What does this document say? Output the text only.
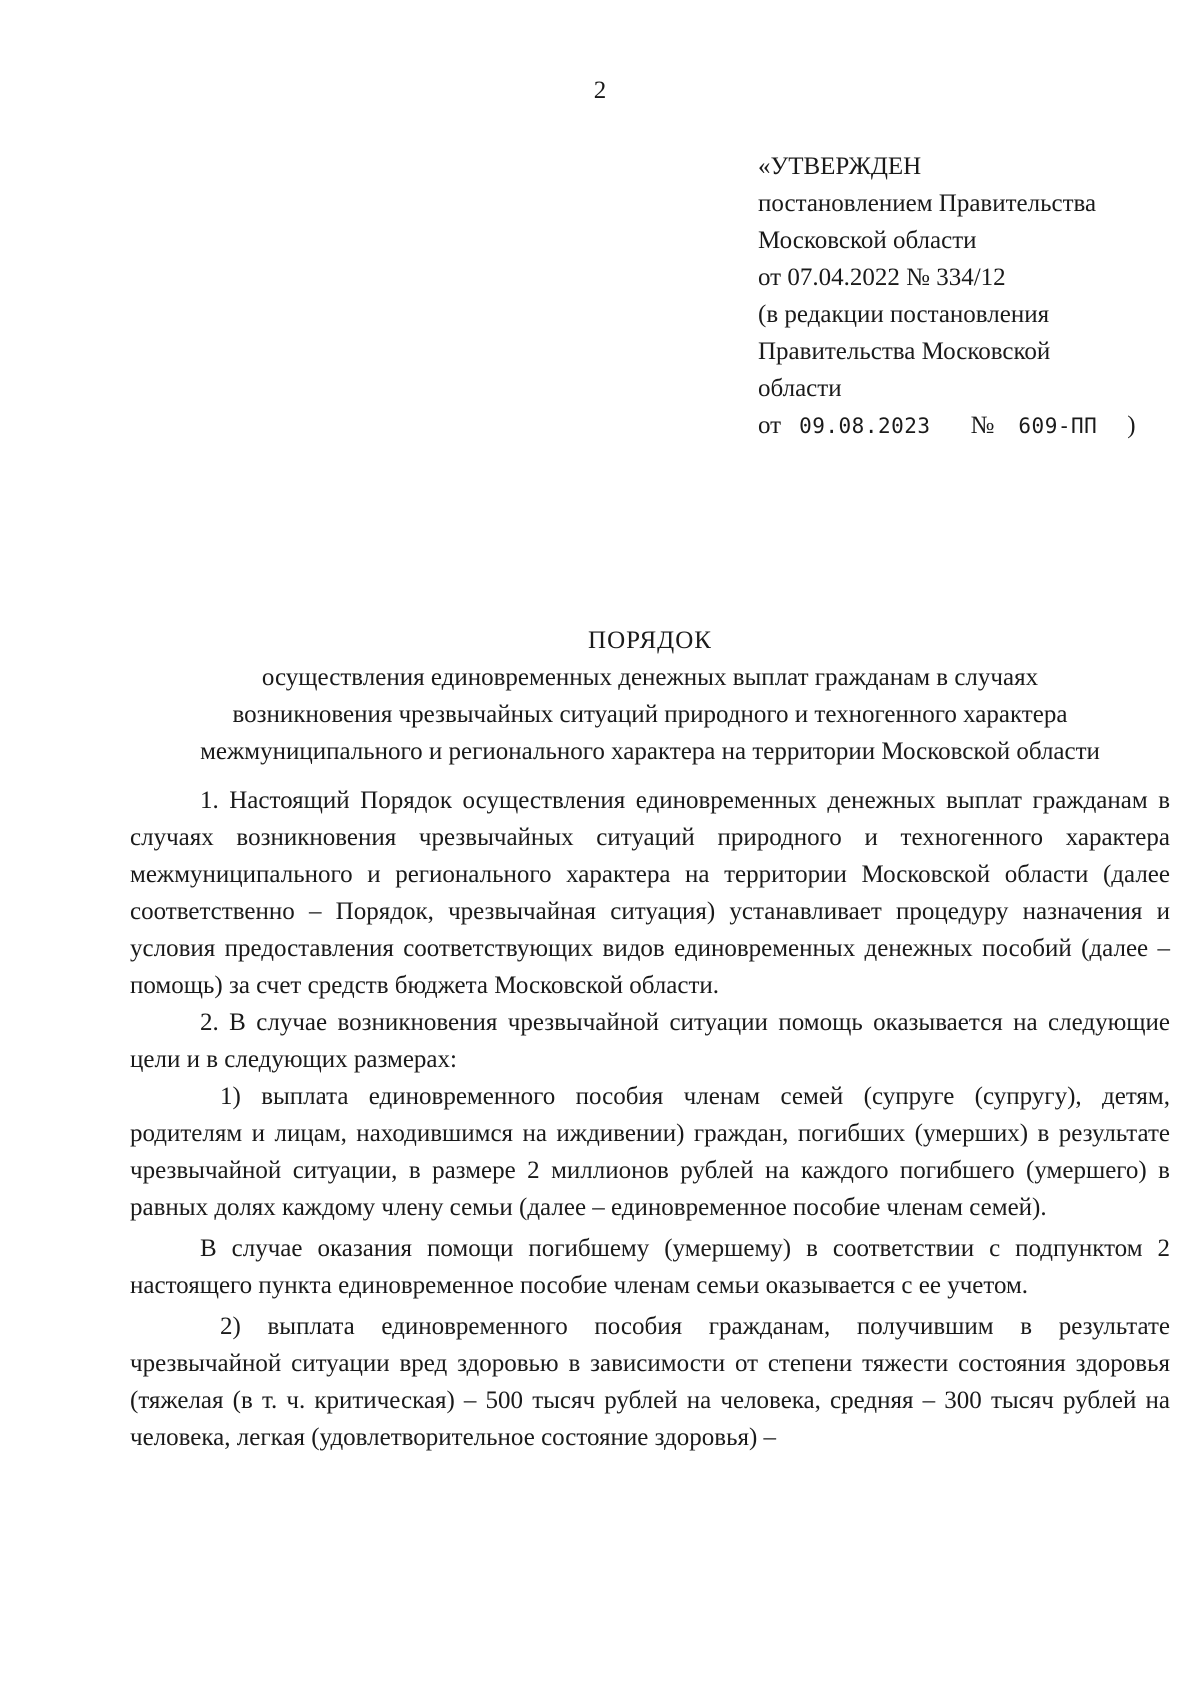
2
«УТВЕРЖДЕН
постановлением Правительства
Московской области
от 07.04.2022 № 334/12
(в редакции постановления
Правительства Московской
области
от 09.08.2023 № 609-ПП )
ПОРЯДОК
осуществления единовременных денежных выплат гражданам в случаях
возникновения чрезвычайных ситуаций природного и техногенного характера
межмуниципального и регионального характера на территории Московской области

1. Настоящий Порядок осуществления единовременных денежных выплат гражданам в случаях возникновения чрезвычайных ситуаций природного и техногенного характера межмуниципального и регионального характера на территории Московской области (далее соответственно – Порядок, чрезвычайная ситуация) устанавливает процедуру назначения и условия предоставления соответствующих видов единовременных денежных пособий (далее – помощь) за счет средств бюджета Московской области.

2. В случае возникновения чрезвычайной ситуации помощь оказывается на следующие цели и в следующих размерах:

1) выплата единовременного пособия членам семей (супруге (супругу), детям, родителям и лицам, находившимся на иждивении) граждан, погибших (умерших) в результате чрезвычайной ситуации, в размере 2 миллионов рублей на каждого погибшего (умершего) в равных долях каждому члену семьи (далее – единовременное пособие членам семей).

В случае оказания помощи погибшему (умершему) в соответствии с подпунктом 2 настоящего пункта единовременное пособие членам семьи оказывается с ее учетом.

2) выплата единовременного пособия гражданам, получившим в результате чрезвычайной ситуации вред здоровью в зависимости от степени тяжести состояния здоровья (тяжелая (в т. ч. критическая) – 500 тысяч рублей на человека, средняя – 300 тысяч рублей на человека, легкая (удовлетворительное состояние здоровья) –
